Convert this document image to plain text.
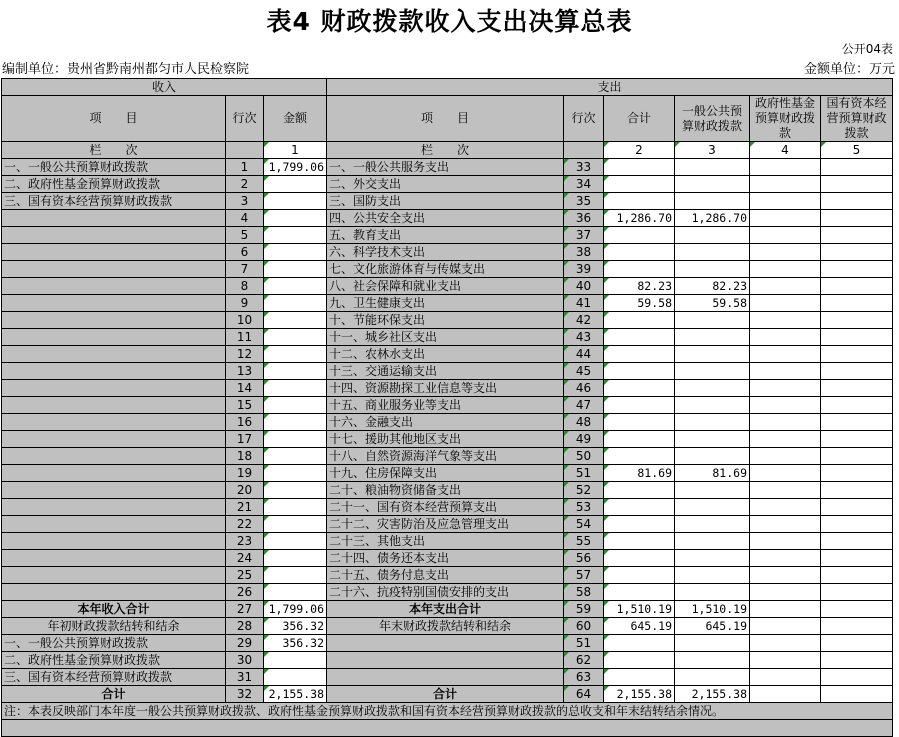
表4 财政拨款收入支出决算总表
公开04表
编制单位：贵州省黔南州都匀市人民检察院	金额单位：万元
收入			支出					
项　　目	行次	金额	项　　目	行次	合计	一般公共预算财政拨款	政府性基金预算财政拨款	国有资本经营预算财政拨款
栏　　次		1	栏　　次		2	3	4	5
一、一般公共预算财政拨款	1	1,799.06	一、一般公共服务支出	33				
二、政府性基金预算财政拨款	2		二、外交支出	34				
三、国有资本经营预算财政拨款	3		三、国防支出	35				
	4		四、公共安全支出	36	1,286.70	1,286.70		
	5		五、教育支出	37				
	6		六、科学技术支出	38				
	7		七、文化旅游体育与传媒支出	39				
	8		八、社会保障和就业支出	40	82.23	82.23		
	9		九、卫生健康支出	41	59.58	59.58		
	10		十、节能环保支出	42				
	11		十一、城乡社区支出	43				
	12		十二、农林水支出	44				
	13		十三、交通运输支出	45				
	14		十四、资源勘探工业信息等支出	46				
	15		十五、商业服务业等支出	47				
	16		十六、金融支出	48				
	17		十七、援助其他地区支出	49				
	18		十八、自然资源海洋气象等支出	50				
	19		十九、住房保障支出	51	81.69	81.69		
	20		二十、粮油物资储备支出	52				
	21		二十一、国有资本经营预算支出	53				
	22		二十二、灾害防治及应急管理支出	54				
	23		二十三、其他支出	55				
	24		二十四、债务还本支出	56				
	25		二十五、债务付息支出	57				
	26		二十六、抗疫特别国债安排的支出	58				
本年收入合计	27	1,799.06	本年支出合计	59	1,510.19	1,510.19		
年初财政拨款结转和结余	28	356.32	年末财政拨款结转和结余	60	645.19	645.19		
一、一般公共预算财政拨款	29	356.32		51				
二、政府性基金预算财政拨款	30			62				
三、国有资本经营预算财政拨款	31			63				
合计	32	2,155.38	合计	64	2,155.38	2,155.38		
注：本表反映部门本年度一般公共预算财政拨款、政府性基金预算财政拨款和国有资本经营预算财政拨款的总收支和年末结转结余情况。								
